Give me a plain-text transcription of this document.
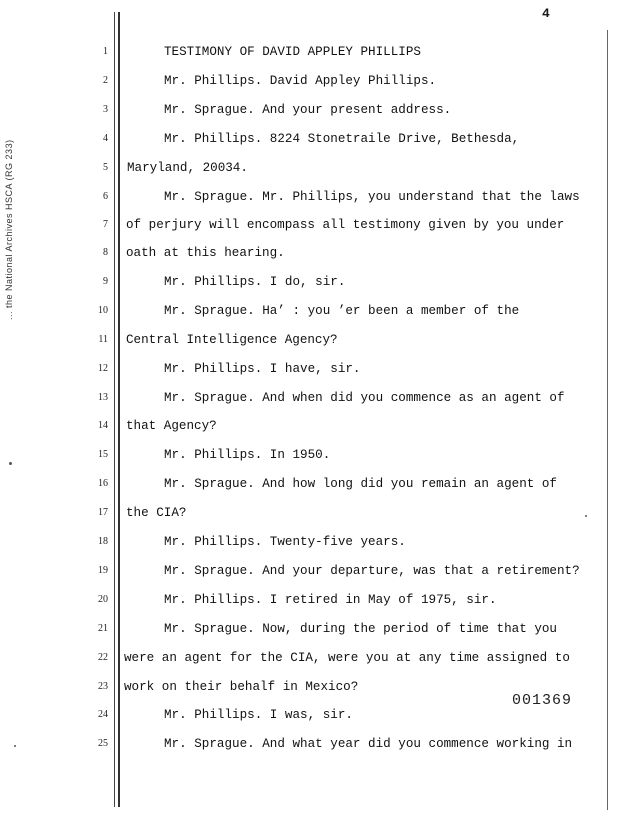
4
... the National Archives HSCA (RG 233)
1
2
3
4
5
6
7
8
9
10
11
12
13
14
15
16
17
18
19
20
21
22
23
24
25
TESTIMONY OF DAVID APPLEY PHILLIPS
Mr. Phillips. David Appley Phillips.
Mr. Sprague. And your present address.
Mr. Phillips. 8224 Stonetraile Drive, Bethesda,
Maryland, 20034.
Mr. Sprague. Mr. Phillips, you understand that the laws
of perjury will encompass all testimony given by you under
oath at this hearing.
Mr. Phillips. I do, sir.
Mr. Sprague. Ha’ : you ’er been a member of the
Central Intelligence Agency?
Mr. Phillips. I have, sir.
Mr. Sprague. And when did you commence as an agent of
that Agency?
Mr. Phillips. In 1950.
Mr. Sprague. And how long did you remain an agent of
the CIA?
Mr. Phillips. Twenty-five years.
Mr. Sprague. And your departure, was that a retirement?
Mr. Phillips. I retired in May of 1975, sir.
Mr. Sprague. Now, during the period of time that you
were an agent for the CIA, were you at any time assigned to
work on their behalf in Mexico?
Mr. Phillips. I was, sir.
Mr. Sprague. And what year did you commence working in
001369
